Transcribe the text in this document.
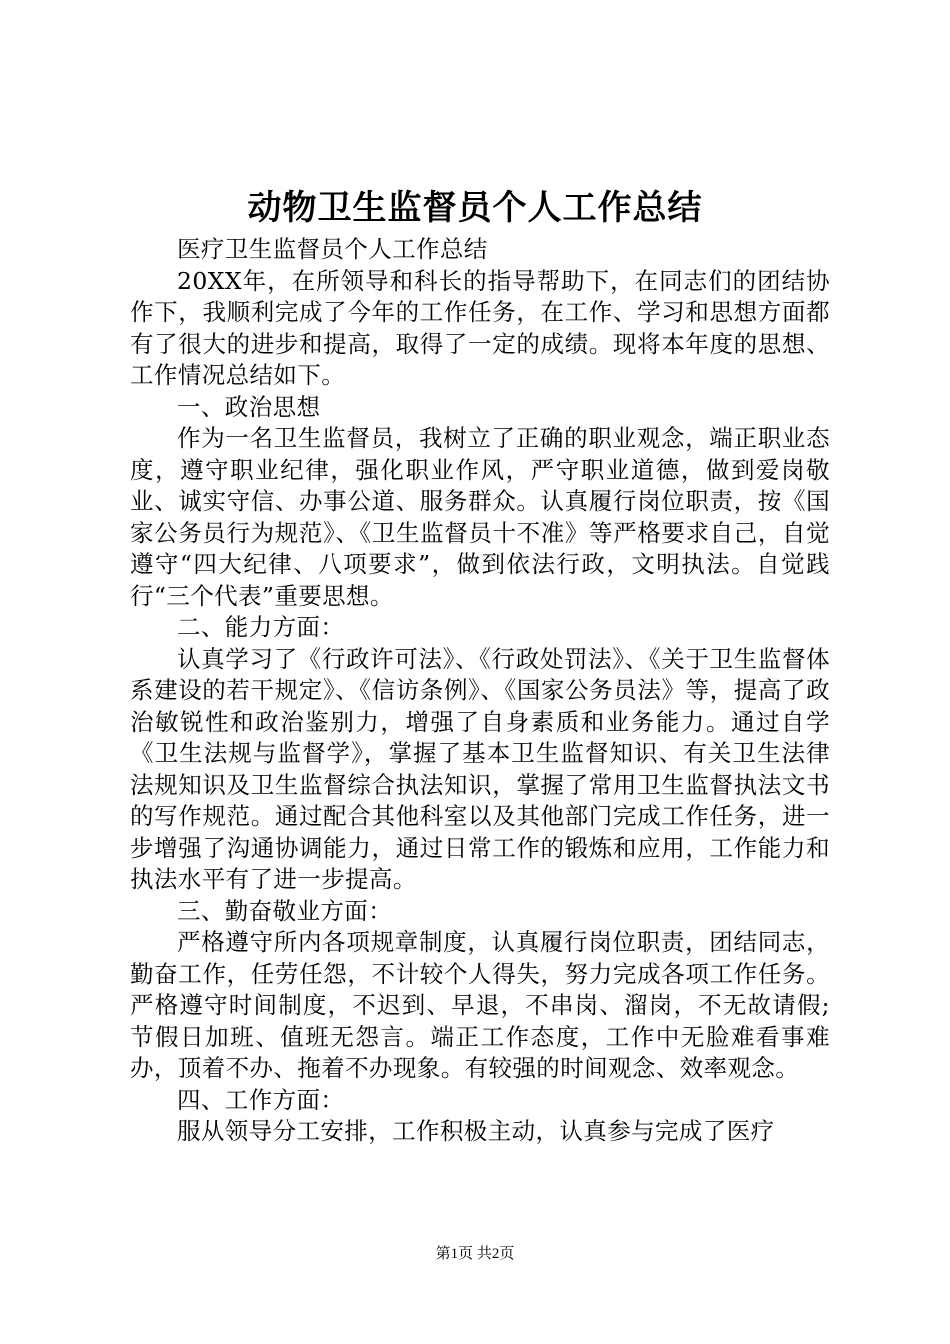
动物卫生监督员个人工作总结

医疗卫生监督员个人工作总结

20XX年，在所领导和科长的指导帮助下，在同志们的团结协作下，我顺利完成了今年的工作任务，在工作、学习和思想方面都有了很大的进步和提高，取得了一定的成绩。现将本年度的思想、工作情况总结如下。

一、政治思想

作为一名卫生监督员，我树立了正确的职业观念，端正职业态度，遵守职业纪律，强化职业作风，严守职业道德，做到爱岗敬业、诚实守信、办事公道、服务群众。认真履行岗位职责，按《国家公务员行为规范》、《卫生监督员十不准》等严格要求自己，自觉遵守“四大纪律、八项要求”，做到依法行政，文明执法。自觉践行“三个代表”重要思想。

二、能力方面：

认真学习了《行政许可法》、《行政处罚法》、《关于卫生监督体系建设的若干规定》、《信访条例》、《国家公务员法》等，提高了政治敏锐性和政治鉴别力，增强了自身素质和业务能力。通过自学《卫生法规与监督学》，掌握了基本卫生监督知识、有关卫生法律法规知识及卫生监督综合执法知识，掌握了常用卫生监督执法文书的写作规范。通过配合其他科室以及其他部门完成工作任务，进一步增强了沟通协调能力，通过日常工作的锻炼和应用，工作能力和执法水平有了进一步提高。

三、勤奋敬业方面：

严格遵守所内各项规章制度，认真履行岗位职责，团结同志，勤奋工作，任劳任怨，不计较个人得失，努力完成各项工作任务。严格遵守时间制度，不迟到、早退，不串岗、溜岗，不无故请假;节假日加班、值班无怨言。端正工作态度，工作中无脸难看事难办，顶着不办、拖着不办现象。有较强的时间观念、效率观念。

四、工作方面：

服从领导分工安排，工作积极主动，认真参与完成了医疗

第1页 共2页
